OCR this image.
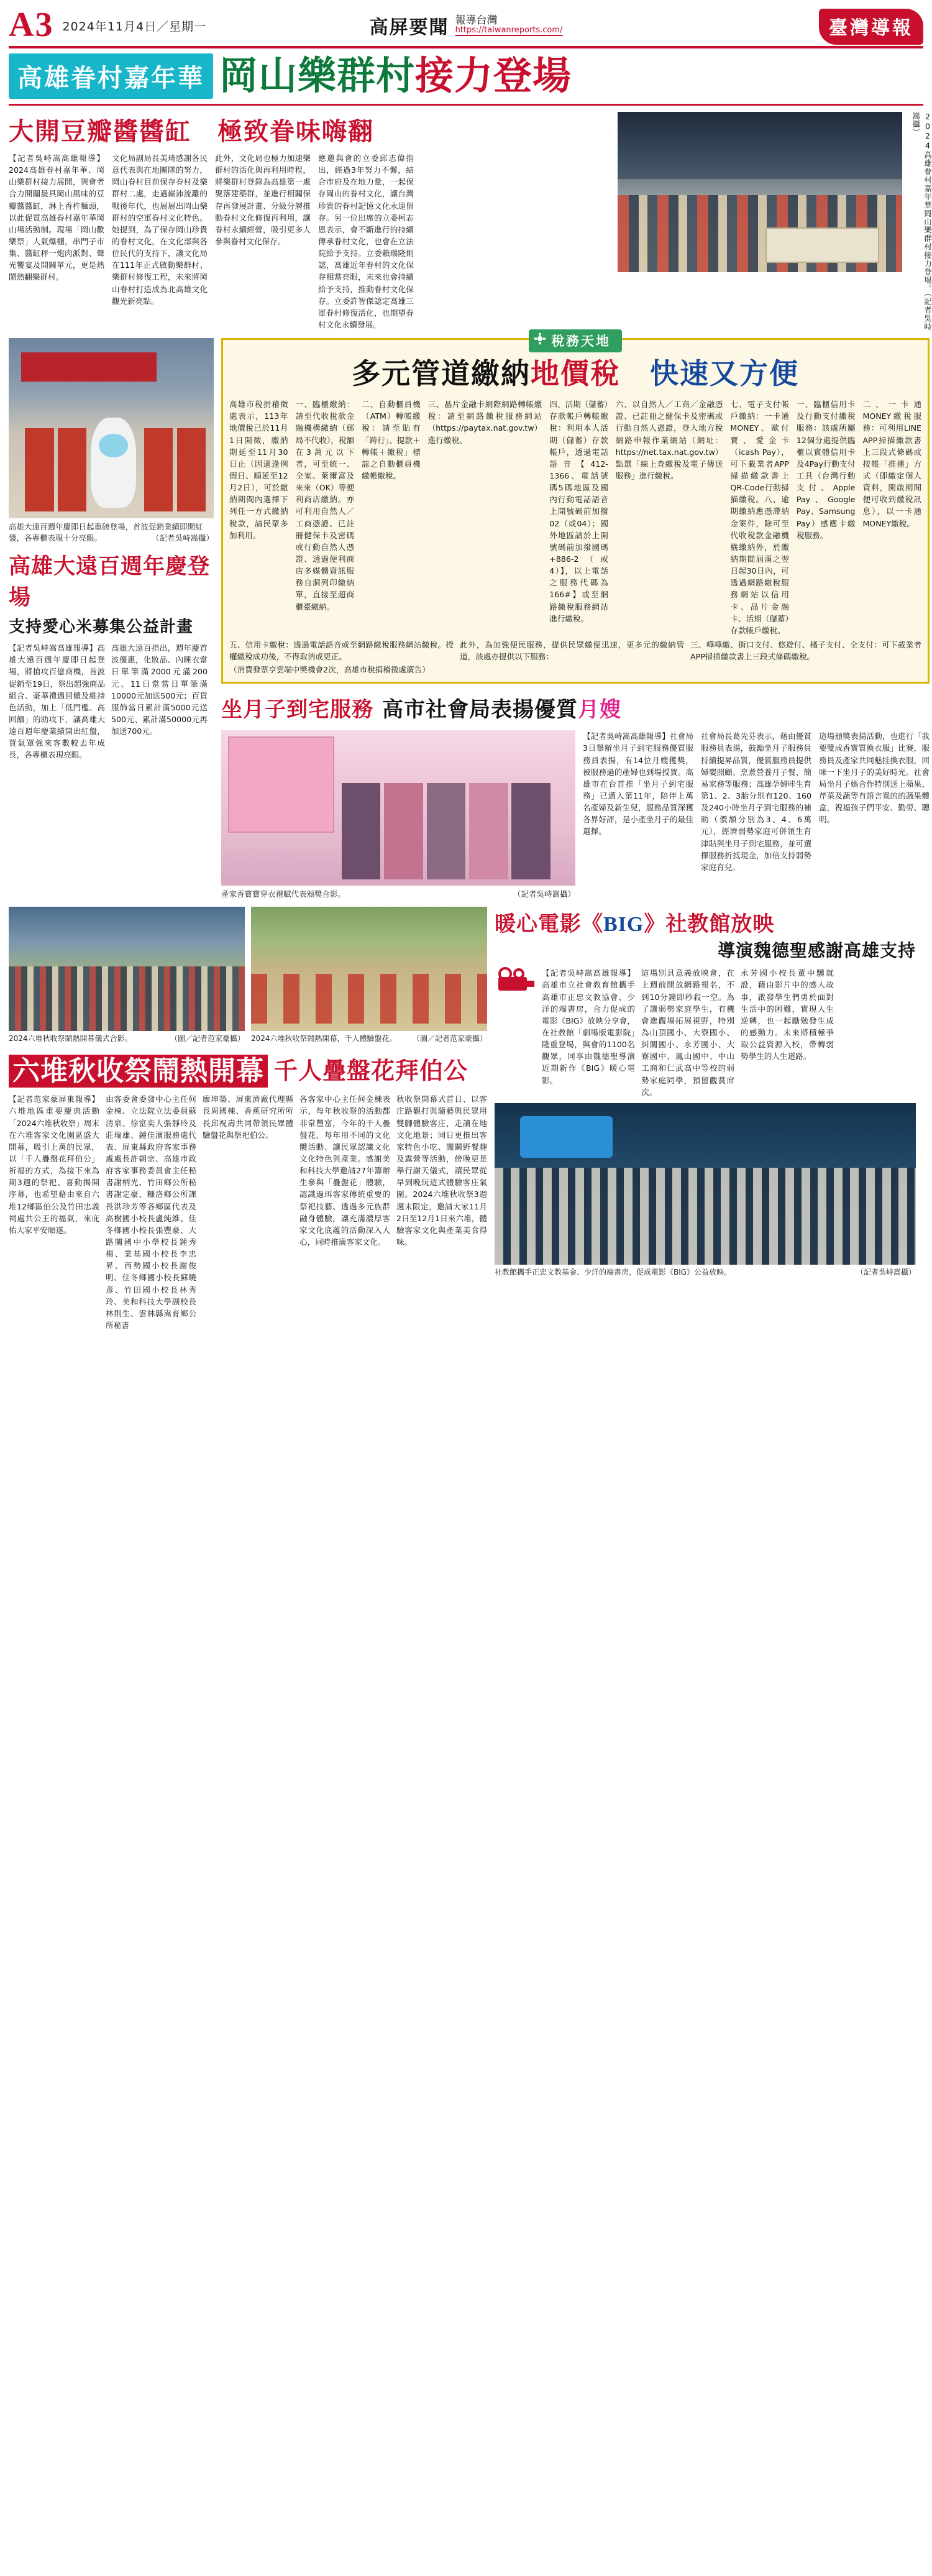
A 3 2024年11月4日／星期一	高屏要聞 報導台灣
https://taiwanreports.com/	臺灣導報
高雄眷村嘉年華 岡山樂群村接力登場
大開豆瓣醬醬缸　極致眷味嗨翻
【記者吳峙嵩高雄報導】2024高雄眷村嘉年華、岡山樂群村接力展開，與會者合力開闢最具岡山風味的豆瓣醬醬缸，淋上香杵麵頭，以此促質高雄眷村嘉年華岡山場活動制。現場「岡山歡樂祭」人氣爆棚，串門子市集、醬缸秤一炮肉派對、聲光饗宴及開關單元，更是熱鬧熱翻樂群村。
文化局副局長美琦感謝各民意代表與在地團隊的努力，岡山眷村目前保存眷村及樂群村二處，走過巅沛流離的戰後年代，也展展出岡山樂群村的空軍眷村文化特色。她提到，為了保存岡山珍貴的眷村文化，在文化部與各位民代的支持下，讓文化局在111年正式啟動樂群村、樂群村修復工程，未來將岡山眷村打造成為北高雄文化觀光新亮點。
此外，文化局也極力加速樂群村的活化與再利用時程，將樂群村登錄為高雄第一處聚落建築群，並進行相關保存再發展計畫、分級分層推動眷村文化修復再利用，讓眷村永續經營，吸引更多人參與眷村文化保存。
應邀與會的立委邱志偉指出，經過3年努力不懈，結合市府及在地力量，一起保存岡山的眷村文化，讓台灣珍貴的眷村記憶文化永遠留存。另一位出席的立委柯志恩表示，會不斷進行的持續傳承眷村文化，也會在立法院給予支持。立委賴瑞隆則認，高雄近年眷村的文化保存相當亮眼，未來也會持續給予支持，推動眷村文化保存。立委許智傑認定高雄三軍眷村修復活化，也期望眷村文化永續發展。	2024高雄眷村嘉年華岡山樂群村接力登場。（記者吳峙嵩攝）
高雄大遠百週年慶即日起重磅登場，首波促銷業績即開紅盤，各專櫃表現十分亮眼。	（記者吳峙嵩攝）
高雄大遠百週年慶登場
支持愛心米募集公益計畫
【記者吳峙嵩高雄報導】高雄大遠百週年慶即日起登場，將搶攻百億商機，首波促銷至19日，祭出超強商品組合、豪華禮遇回饋及維持色活動，加上「低門檻、高回饋」的助攻下，讓高雄大遠百週年慶業績開出紅盤，買氣罩強來客數較去年成長，各專櫃表現亮眼。
高雄大遠百指出，週年慶首波優惠，化妝品、內睡衣當日單筆滿2000元滿200元、11日當當日單筆滿10000元加送500元；百貨服飾當日累計滿5000元送500元、累計滿50000元再加送700元。
稅務天地
多元管道繳納地價稅　快速又方便
高雄市稅捐稽徵處表示，113年地價稅已於11月1日開徵，繳納期延至11月30日止（因適逢例假日、順延至12月2日），可於繳納期間內選擇下列任一方式繳納稅款，請民眾多加利用。
一、臨櫃繳納：請至代收稅款金融機構繳納（郵局不代收），稅額在3萬元以下者，可至統一、全家、萊爾富及來來（OK）等便利商店繳納。亦可利用自然人／工商憑證、已註冊健保卡及密碼或行動自然人憑證、透過便利商店多媒體資訊服務自洞列印繳納單，直接至超商櫃臺繳納。
二、自動櫃員機（ATM）轉帳繳稅：請至貼有「跨行」、提款＋轉帳＋繳稅」標誌之自動櫃員機繳帳繳稅。
三、晶片金融卡網際網路轉帳繳稅：請至網路繳稅服務網站（https://paytax.nat.gov.tw）進行繳稅。
四、活期（儲蓄）存款帳戶轉帳繳稅：利用本人活期（儲蓄）存款帳戶，透過電話語音【412-1366、電話號碼5碼地區及國內行動電話語音上開號碼前加撥02（或04）；國外地區請於上開號碼前加撥國碼+886-2（或4）】，以上電話之服務代碼為166#】或至網路繳稅服務網站進行繳稅。
六、以自然人／工商／金融憑證、已註冊之健保卡及密碼或行動自然人憑證，登入地方稅網路申報作業網站（網址：https://net.tax.nat.gov.tw）點選「線上查繳稅及電子傳送服務」進行繳稅。
七、電子支付帳戶繳納：一卡通MONEY、歐付寶、愛金卡（icash Pay），可下載業者APP掃描繳款書上QR-Code行動掃描繳稅。八、逾期繳納應憑滯納金案件，除可至代收稅款金融機構繳納外，於繳納期間屆滿之翌日起30日內，可透過網路繳稅服務網站以信用卡、晶片金融卡、活期（儲蓄）存款帳戶繳稅。
一、臨櫃信用卡及行動支付繳稅服務：該處所屬12個分處提供臨櫃以實體信用卡及4Pay行動支付工具（台灣行動支付、Apple Pay、Google Pay、Samsung Pay）感應卡繳稅服務。
二、一卡通MONEY繳稅服務：可利用LINE APP掃描繳款書上三段式條碼或按帳「推播」方式（即繳定個人資料，開啟期間便可收到繳稅訊息），以一卡通MONEY繳稅。
五、信用卡繳稅：透過電話語音或至網路繳稅服務網站繳稅。授權繳稅成功後，不得取消或更正。
此外，為加強便民服務，提供民眾繳便迅速，更多元的繳納管道，該處亦提供以下服務：
三、嘩嘩繳、街口支付、悠遊付、橘子支付、全支付：可下載業者APP掃描繳款書上三段式條碼繳稅。
（消費發票亨雲端中獎機會2次，高雄市稅捐稽徵處廣告）
坐月子到宅服務 高市社會局表揚優質月嫂
產家香寶寶穿衣禮賦代表頒獎合影。	（記者吳峙嵩攝）
【記者吳峙嵩高雄報導】社會局3日舉辦坐月子到宅服務優質服務員表揚，有14位月嫂獲獎，被服務過的產婦也到場授賀。高雄市在台首推「坐月子到宅服務」已邁入第11年，陪伴上萬名產婦及新生兒，服務品質深獲各界好評，是小產坐月子的最佳選擇。
社會局長葛先芬表示，藉由優質服務員表揚，鼓勵坐月子服務員持續提昇品質，優質服務員提供婦嬰照顧、烹煮營養月子餐、簡易家務等服務；高雄孕婦咔生育第1、2、3胎分別有120、160及240小時坐月子到宅服務的補助（價額分別為3、4、6萬元），經濟弱勢家庭可併領生育津貼與坐月子到宅服務，並可選擇服務折抵現金，加倍支持弱勢家庭育兒。
這場頒獎表揚活動，也進行「我要雙成香實質換衣服」比賽，服務員及產家共同魅挂換衣服，回味一下坐月子的美好時光。社會局坐月子媽合作特別送上蘋果、芹菜及蔬等有語言寬的的蔬果體盒，祝福孩子們平安、勤勞、聰明。
2024六堆秋收祭鬧熱開幕儀式合影。	（圖／記者范家豪攝） 2024六堆秋收祭鬧熱開幕，千人體驗盤花。 （圖／記者范家豪攝）
六堆秋收祭鬧熱開幕 千人疊盤花拜伯公
【記者范家豪屏東報導】六堆地區重要慶典活動「2024六堆秋收祭」周末在六堆客家文化園區盛大開幕，吸引上萬的民眾，以「千人疊盤花拜伯公」祈福的方式，為接下來為期3週的祭祀、喜動揭開序幕，也希望藉由來自六堆12鄉區伯公及竹田忠義祠處共公王的福氣，來庇佑大家平安順遂。
由客委會委發中心主任何金棟、立法院立法委員蘇清泉、徐富奕人張靜玲及莊瑞雄、鍾佳濱服務處代表、屏東縣政府客家事務處處長許朝宗、高雄市政府客家事務委員會主任秘書謝柄光、竹田鄉公所秘書謝定豪、糠洛鄉公所課長洪珍芳等各鄉區代表及高樹國小校長盧純維、佳冬鄉國小校長張豐豪、大路關國中小學校長鍾秀楊、業基國小校長李忠昇、西勢國小校長謝俊明、佳冬鄉國小校長蘇曉彥、竹田國小校長林秀玲、美和科技大學副校長林則生、雲林縣嵩育鄉公所秘書
廖坤築、屏東濟廠代理縣長周國棟、香蕉研究所所長邱祝壽共同帶領民眾體驗盤花與祭祀伯公。
各客家中心主任何金棟表示，每年秋收祭的活動都非常豐富，今年的千人疊盤花、每年用不同的文化體活動、讓民眾認識文化文化特色與產業。感謝美和科技大學邀請27年籌辦生參與「疊盤花」體驗，認識過珥客家傳統重要的祭祀技藝、透過多元族群融身體驗，讓充滿濃厚客家文化底蕴的活動深入人心，同時推廣客家文化。
秋收祭開幕式首日、以客庄路觀打與隨藝與民眾用雙腳體驗客庄，走讀在地文化地景；同日更推出客家特色小吃、闖關野餐趣及露營等活動，傍晚更是舉行謝天儀式，讓民眾從早到晚玩這式體驗客庄氣圍。2024六堆秋收祭3週週末限定，邀請大家11月2日至12月1日來六堆，體驗客家文化與產業美食得味。
暖心電影《BIG》社教館放映
導演魏德聖感謝高雄支持
【記者吳峙嵩高雄報導】高雄市立社會教育館攜手高雄市正忠文教協會、少洋的端書房，合力促成的電影《BIG》放映分享會，在社教館「劇場版電影院」隆重登場，與會的1100名觀眾，同享由魏德聖導演近期新作《BIG》暖心電影。
這場別具意義放映會，在上週前開放網路報名，不到10分鐘即秒殺一空。為了讓弱勢家庭學生，有機會進觀場拓展視野，特別為山頂國小、大寮國小、糾關國小、永芳國小、大寮國中、鳳山國中、中山工商和仁武高中等校的弱勢家庭同學，預留觀賞席次。
永芳國小校長董中驥就設，藉由影片中的感人故事，啟發學生們勇於面對生活中的困難，實現人生逆轉，也一起勵勉發生成的感動力。未來將積極爭取公益資源入校，帶轉弱勢學生的人生道路。
社教館攜手正忠文教基金、少洋的端書房，促成電影《BIG》公益放映。	（記者吳峙嵩攝）
